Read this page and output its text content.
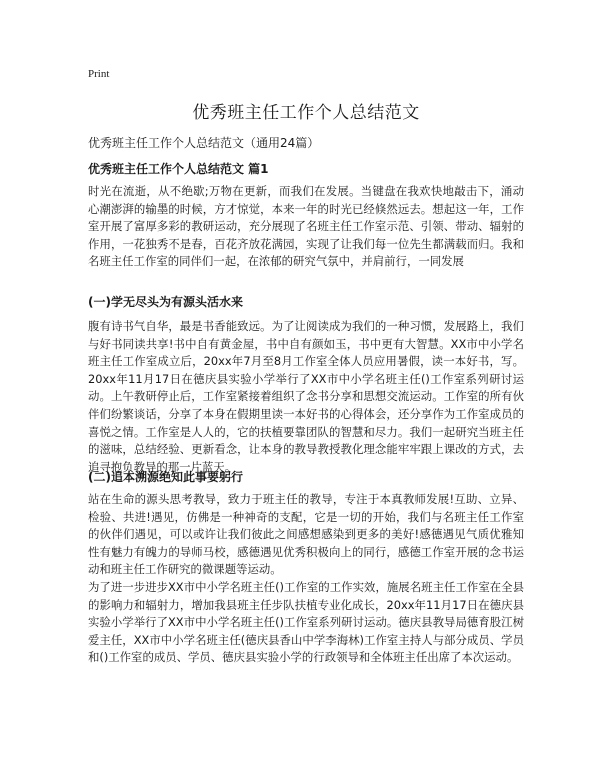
Print
优秀班主任工作个人总结范文
优秀班主任工作个人总结范文（通用24篇）
优秀班主任工作个人总结范文 篇1

时光在流逝，从不绝歇;万物在更新，而我们在发展。当键盘在我欢快地敲击下，涌动心潮澎湃的输墨的时候，方才惊觉，本来一年的时光已经倏然远去。想起这一年，工作室开展了富厚多彩的教研运动，充分展现了名班主任工作室示范、引领、带动、辐射的作用，一花独秀不是春，百花齐放花满园，实现了让我们每一位先生都满载而归。我和名班主任工作室的同伴们一起，在浓郁的研究气氛中，并肩前行，一同发展

(一)学无尽头为有源头活水来

腹有诗书气自华，最是书香能致远。为了让阅读成为我们的一种习惯，发展路上，我们与好书同读共享!书中自有黄金屋，书中自有颜如玉，书中更有大智慧。XX市中小学名班主任工作室成立后，20xx年7月至8月工作室全体人员应用暑假，读一本好书，写。20xx年11月17日在德庆县实验小学举行了XX市中小学名班主任()工作室系列研讨运动。上午教研停止后，工作室紧接着组织了念书分享和思想交流运动。工作室的所有伙伴们纷繁谈话，分享了本身在假期里读一本好书的心得体会，还分享作为工作室成员的喜悦之情。工作室是人人的，它的扶植要靠团队的智慧和尽力。我们一起研究当班主任的滋味，总结经验、更新看念，让本身的教导教授教化理念能牢牢跟上课改的方式，去追寻抱负教导的那一片蓝天。

(二)追本溯源绝知此事要躬行

站在生命的源头思考教导，致力于班主任的教导，专注于本真教师发展!互助、立异、检验、共进!遇见，仿佛是一种神奇的支配，它是一切的开始，我们与名班主任工作室的伙伴们遇见，可以或许让我们彼此之间感想感染到更多的美好!感德遇见气质优雅知性有魅力有魄力的导师马校，感德遇见优秀积极向上的同行，感德工作室开展的念书运动和班主任工作研究的微课题等运动。

为了进一步进步XX市中小学名班主任()工作室的工作实效，施展名班主任工作室在全县的影响力和辐射力，增加我县班主任步队扶植专业化成长，20xx年11月17日在德庆县实验小学举行了XX市中小学名班主任()工作室系列研讨运动。德庆县教导局德育股江树爱主任，XX市中小学名班主任(德庆县香山中学李海林)工作室主持人与部分成员、学员和()工作室的成员、学员、德庆县实验小学的行政领导和全体班主任出席了本次运动。
